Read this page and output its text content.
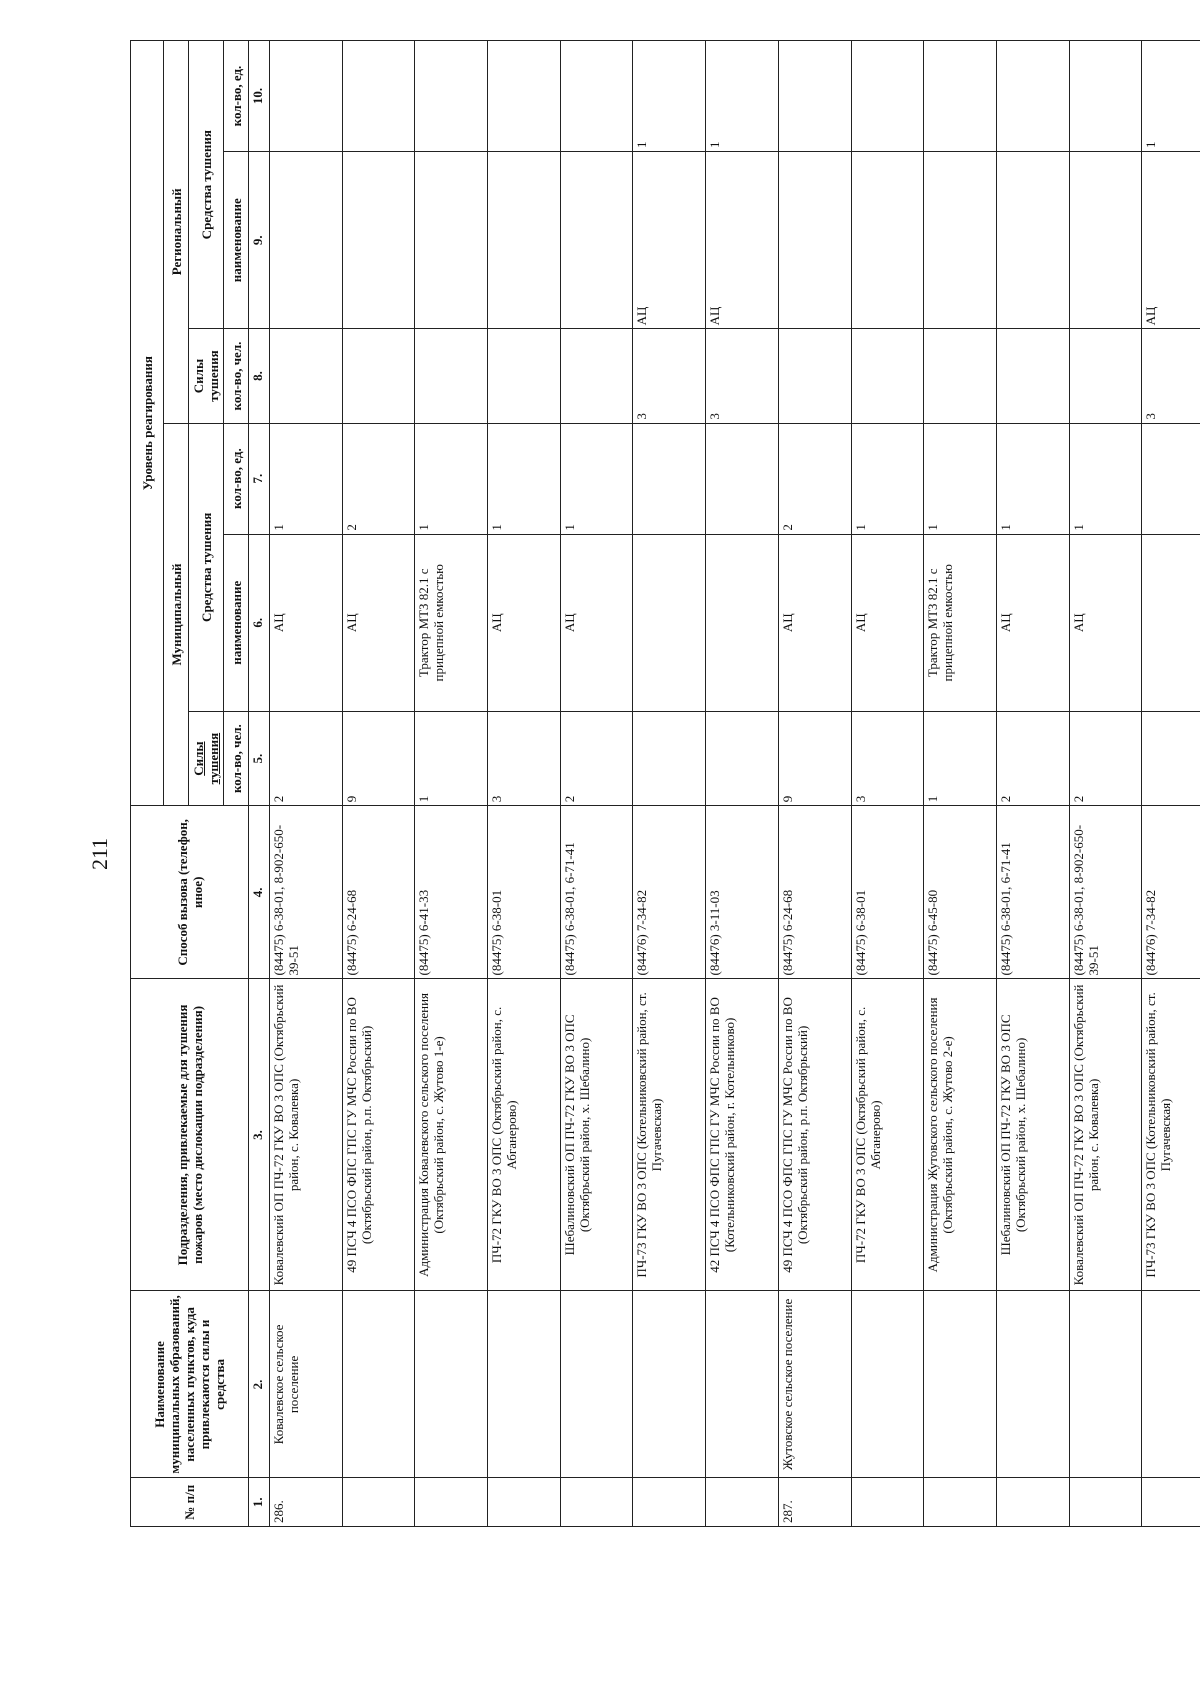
211
№ п/п	Наименование муниципальных образований, населенных пунктов, куда привлекаются силы и средства	Подразделения, привлекаемые для тушения пожаров (место дислокации подразделения)	Способ вызова (телефон, иное)	Уровень реагирования					
				Муниципальный			Региональный		
				Силы тушения	Средства тушения		Силы тушения	Средства тушения	
				кол-во, чел.	наименование	кол-во, ед.	кол-во, чел.	наименование	кол-во, ед.
1.	2.	3.	4.	5.	6.	7.	8.	9.	10.
286.	Ковалевское сельское поселение	Ковалевский ОП ПЧ-72 ГКУ ВО 3 ОПС (Октябрьский район, с. Ковалевка)	(84475) 6-38-01, 8-902-650-39-51	2	АЦ	1			
		49 ПСЧ 4 ПСО ФПС ГПС ГУ МЧС России по ВО (Октябрьский район, р.п. Октябрьский)	(84475) 6-24-68	9	АЦ	2			
		Администрация Ковалевского сельского поселения (Октябрьский район, с. Жутово 1-е)	(84475) 6-41-33	1	Трактор МТЗ 82.1 с прицепной емкостью	1			
		ПЧ-72 ГКУ ВО 3 ОПС (Октябрьский район, с. Абганерово)	(84475) 6-38-01	3	АЦ	1			
		Шебалиновский ОП ПЧ-72 ГКУ ВО 3 ОПС (Октябрьский район, х. Шебалино)	(84475) 6-38-01, 6-71-41	2	АЦ	1			
		ПЧ-73 ГКУ ВО 3 ОПС (Котельниковский район, ст. Пугачевская)	(84476) 7-34-82				3	АЦ	1
		42 ПСЧ 4 ПСО ФПС ГПС ГУ МЧС России по ВО (Котельниковский район, г. Котельниково)	(84476) 3-11-03				3	АЦ	1
287.	Жутовское сельское поселение	49 ПСЧ 4 ПСО ФПС ГПС ГУ МЧС России по ВО (Октябрьский район, р.п. Октябрьский)	(84475) 6-24-68	9	АЦ	2			
		ПЧ-72 ГКУ ВО 3 ОПС (Октябрьский район, с. Абганерово)	(84475) 6-38-01	3	АЦ	1			
		Администрация Жутовского сельского поселения (Октябрьский район, с. Жутово 2-е)	(84475) 6-45-80	1	Трактор МТЗ 82.1 с прицепной емкостью	1			
		Шебалиновский ОП ПЧ-72 ГКУ ВО 3 ОПС (Октябрьский район, х. Шебалино)	(84475) 6-38-01, 6-71-41	2	АЦ	1			
		Ковалевский ОП ПЧ-72 ГКУ ВО 3 ОПС (Октябрьский район, с. Ковалевка)	(84475) 6-38-01, 8-902-650-39-51	2	АЦ	1			
		ПЧ-73 ГКУ ВО 3 ОПС (Котельниковский район, ст. Пугачевская)	(84476) 7-34-82				3	АЦ	1
